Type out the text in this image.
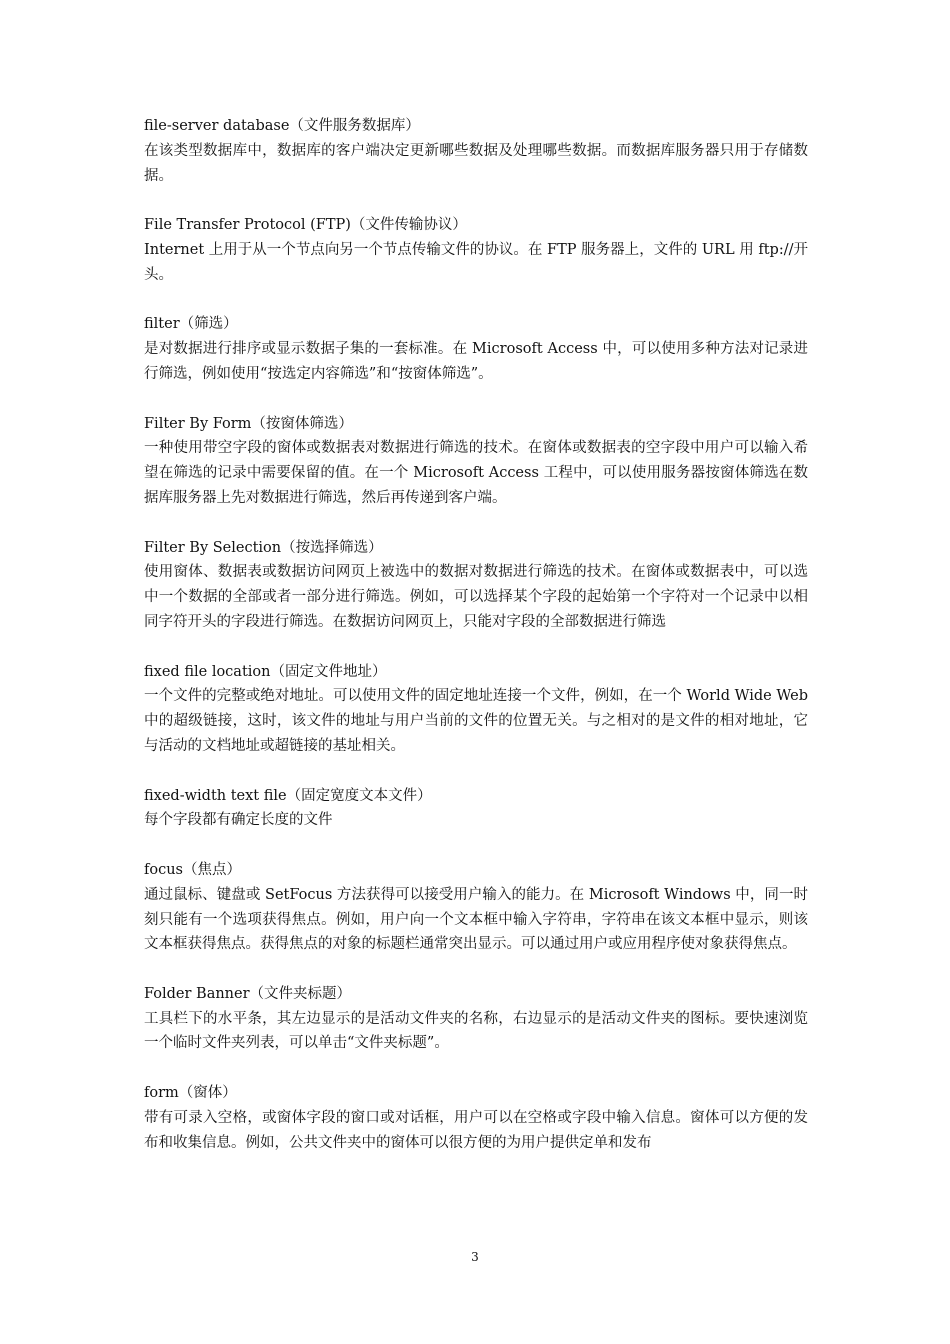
file-server database（文件服务数据库）

在该类型数据库中，数据库的客户端决定更新哪些数据及处理哪些数据。而数据库服务器只用于存储数据。

File Transfer Protocol (FTP)（文件传输协议）

Internet 上用于从一个节点向另一个节点传输文件的协议。在 FTP 服务器上，文件的 URL 用 ftp://开头。

filter（筛选）

是对数据进行排序或显示数据子集的一套标准。在 Microsoft Access 中，可以使用多种方法对记录进行筛选，例如使用“按选定内容筛选”和“按窗体筛选”。

Filter By Form（按窗体筛选）

一种使用带空字段的窗体或数据表对数据进行筛选的技术。在窗体或数据表的空字段中用户可以输入希望在筛选的记录中需要保留的值。在一个 Microsoft Access 工程中，可以使用服务器按窗体筛选在数据库服务器上先对数据进行筛选，然后再传递到客户端。

Filter By Selection（按选择筛选）

使用窗体、数据表或数据访问网页上被选中的数据对数据进行筛选的技术。在窗体或数据表中，可以选中一个数据的全部或者一部分进行筛选。例如，可以选择某个字段的起始第一个字符对一个记录中以相同字符开头的字段进行筛选。在数据访问网页上，只能对字段的全部数据进行筛选

fixed file location（固定文件地址）

一个文件的完整或绝对地址。可以使用文件的固定地址连接一个文件，例如，在一个 World Wide Web 中的超级链接，这时，该文件的地址与用户当前的文件的位置无关。与之相对的是文件的相对地址，它与活动的文档地址或超链接的基址相关。

fixed-width text file（固定宽度文本文件）

每个字段都有确定长度的文件

focus（焦点）

通过鼠标、键盘或 SetFocus 方法获得可以接受用户输入的能力。在 Microsoft Windows 中，同一时刻只能有一个选项获得焦点。例如，用户向一个文本框中输入字符串，字符串在该文本框中显示，则该文本框获得焦点。获得焦点的对象的标题栏通常突出显示。可以通过用户或应用程序使对象获得焦点。

Folder Banner（文件夹标题）

工具栏下的水平条，其左边显示的是活动文件夹的名称，右边显示的是活动文件夹的图标。要快速浏览一个临时文件夹列表，可以单击“文件夹标题”。

form（窗体）

带有可录入空格，或窗体字段的窗口或对话框，用户可以在空格或字段中输入信息。窗体可以方便的发布和收集信息。例如，公共文件夹中的窗体可以很方便的为用户提供定单和发布

3
